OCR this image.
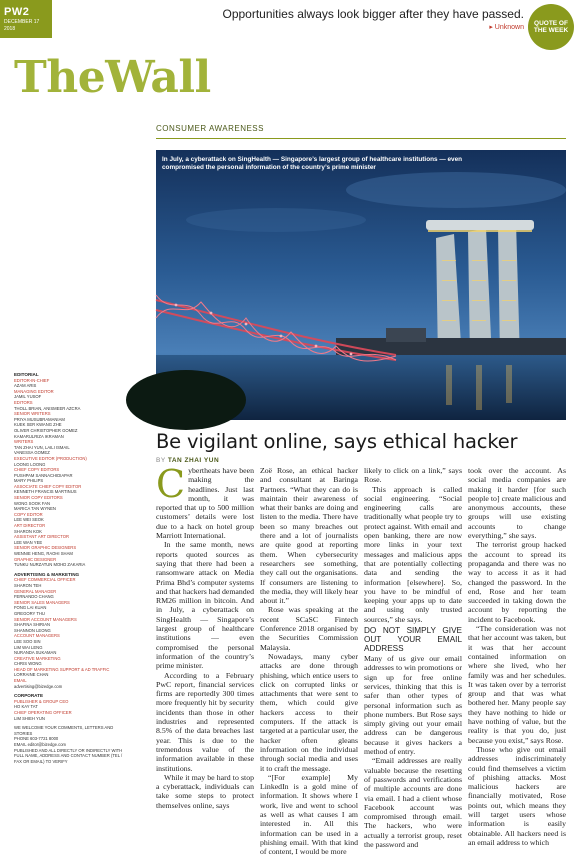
PW2
DECEMBER 17
2018
Opportunities always look bigger after they have passed.
▸ Unknown
QUOTE OF THE WEEK
TheWall
CONSUMER AWARENESS
In July, a cyberattack on SingHealth — Singapore’s largest group of healthcare institutions — even compromised the personal information of the country’s prime minister
EDITORIAL
EDITOR-IN-CHIEF
AZAM ARIS
MANAGING EDITOR
JAMIL YUSOF
EDITORS
THOLL BRIAN, ANISMEER AZCRA
SENIOR WRITERS
PRIYA MUSUBRAMANIAM
KUEK SER KWANG ZHE
OLIVER CHRISTOPHER GOMEZ
KAMARULRIZA IKRAMAN
WRITERS
TAN ZHAI YUN, LAILI ISMAIL
VANESSA GOMEZ
EXECUTIVE EDITOR (PRODUCTION)
LOONG LOONG
CHIEF COPY EDITORS
PUSHPAM SANNACHIDIAPAR
MARY PHILIPS
ASSOCIATE CHIEF COPY EDITOR
KENNETH FRANCIS MARTINUS
SENIOR COPY EDITORS
WONG SOOK FAN
MARICA TAN WYNEN
COPY EDITOR
LEE WEI SEOK
ART DIRECTOR
SHARON KOK
ASSISTANT ART DIRECTOR
LEE WAN YEE
SENIOR GRAPHIC DESIGNERS
WENNIE HENG, RAOHI SHAM
GRAPHIC DESIGNER
TUNKU NURZATUN MOHD ZAKARIA
ADVERTISING & MARKETING
CHIEF COMMERCIAL OFFICER
SHARON TEH
GENERAL MANAGER
FERNANDO CHANG
SENIOR SALES MANAGERS
FONG LAI KUAN
GREGORY THU
SENIOR ACCOUNT MANAGERS
SHAFINA SHIRIAN
SHANNON LEONG
ACCOUNT MANAGERS
LEE SOO SIN
LIM WAI LENG
NURANDA SUKAMAN
CREATIVE MARKETING
CHRIS WONG
HEAD OF MARKETING SUPPORT & AD TRAFFIC
LORRAINE CHAN
EMAIL
advertising@bizedge.com
CORPORATE
PUBLISHER & GROUP CEO
HO KAY TAT
CHIEF OPERATING OFFICER
LIM SHIEH YUN
WE WELCOME YOUR COMMENTS, LETTERS AND STORIES
PHONE 603-7721 8000
EMAIL editor@bizedge.com
PUBLISHED AND ALL DIRECTLY OR INDIRECTLY WITH FULL NAME, ADDRESS AND CONTACT NUMBER (TEL / FAX OR EMAIL) TO VERIFY
Be vigilant online, says ethical hacker
BY TAN ZHAI YUN
C ybertheats have been making the headlines. Just last month, it was reported that up to 500 million customers’ details were lost due to a hack on hotel group Marriott International.

In the same month, news reports quoted sources as saying that there had been a ransomware attack on Media Prima Bhd’s computer systems and that hackers had demanded RM26 million in bitcoin. And in July, a cyberattack on SingHealth — Singapore’s largest group of healthcare institutions — even compromised the personal information of the country’s prime minister.

According to a February PwC report, financial services firms are reportedly 300 times more frequently hit by security incidents than those in other industries and represented 8.5% of the data breaches last year. This is due to the tremendous value of the information available in these institutions.

While it may be hard to stop a cyberattack, individuals can take some steps to protect themselves online, says

Zoë Rose, an ethical hacker and consultant at Baringa Partners. “What they can do is maintain their awareness of what their banks are doing and listen to the media. There have been so many breaches out there and a lot of journalists are quite good at reporting them. When cybersecurity researchers see something, they call out the organisations. If consumers are listening to the media, they will likely hear about it.”

Rose was speaking at the recent SCaSC Fintech Conference 2018 organised by the Securities Commission Malaysia.

Nowadays, many cyber attacks are done through phishing, which entice users to click on corrupted links or attachments that were sent to them, which could give hackers access to their computers. If the attack is targeted at a particular user, the hacker often gleans information on the individual through social media and uses it to craft the message.

“[For example] My LinkedIn is a gold mine of information. It shows where I work, live and went to school as well as what causes I am interested in. All this information can be used in a phishing email. With that kind of content, I would be more

likely to click on a link,” says Rose.

This approach is called social engineering. “Social engineering calls are traditionally what people try to protect against. With email and open banking, there are now more links in your text messages and malicious apps that are potentially collecting data and sending the information [elsewhere]. So, you have to be mindful of keeping your apps up to date and using only trusted sources,” she says.

DO NOT SIMPLY GIVE OUT YOUR EMAIL ADDRESS

Many of us give our email addresses to win promotions or sign up for free online services, thinking that this is safer than other types of personal information such as phone numbers. But Rose says simply giving out your email address can be dangerous because it gives hackers a method of entry.

“Email addresses are really valuable because the resetting of passwords and verifications of multiple accounts are done via email. I had a client whose Facebook account was compromised through email. The hackers, who were actually a terrorist group, reset the password and

took over the account. As social media companies are making it harder [for such people to] create malicious and anonymous accounts, these groups will use existing accounts to change everything,” she says.

The terrorist group hacked the account to spread its propaganda and there was no way to access it as it had changed the password. In the end, Rose and her team succeeded in taking down the account by reporting the incident to Facebook.

“The consideration was not that her account was taken, but it was that her account contained information on where she lived, who her family was and her schedules. It was taken over by a terrorist group and that was what bothered her. Many people say they have nothing to hide or have nothing of value, but the reality is that you do, just because you exist,” says Rose.

Those who give out email addresses indiscriminately could find themselves a victim of phishing attacks. Most malicious hackers are financially motivated, Rose points out, which means they will target users whose information is easily obtainable. All hackers need is an email address to which
